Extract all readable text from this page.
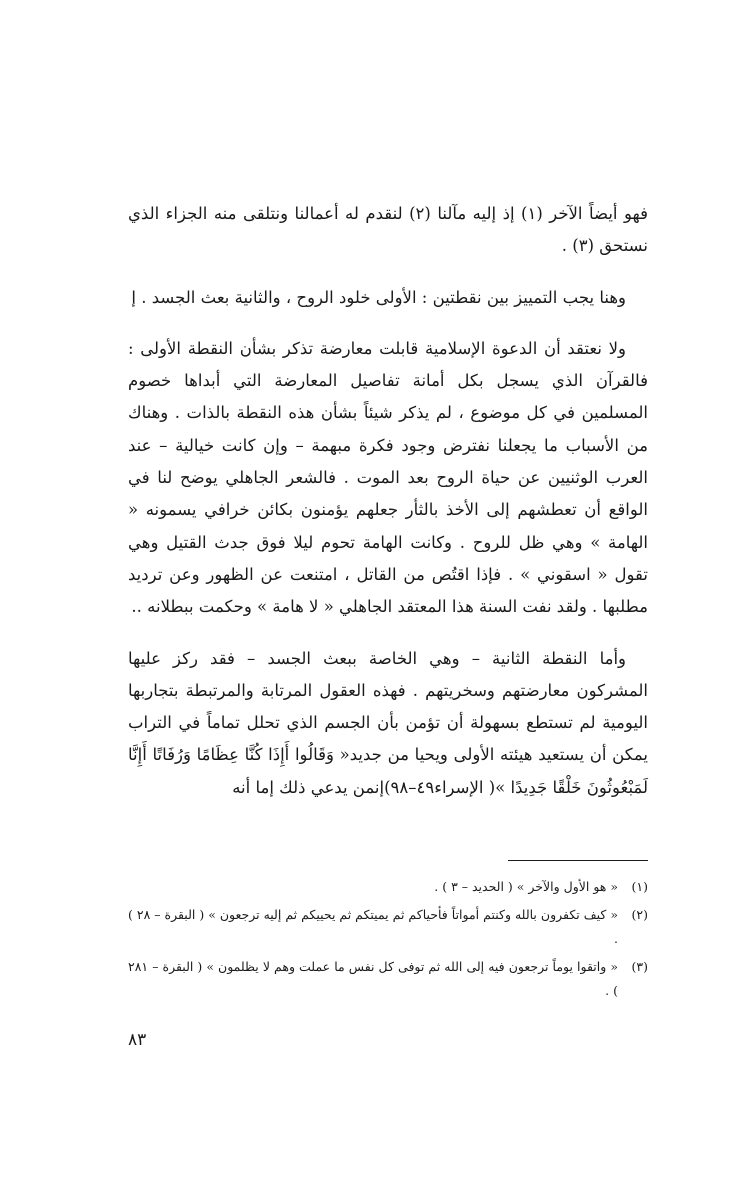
فهو أيضاً الآخر (١) إذ إليه مآلنا (٢) لنقدم له أعمالنا ونتلقى منه الجزاء الذي نستحق (٣) .

وهنا يجب التمييز بين نقطتين : الأولى خلود الروح ، والثانية بعث الجسد . إ

ولا نعتقد أن الدعوة الإسلامية قابلت معارضة تذكر بشأن النقطة الأولى : فالقرآن الذي يسجل بكل أمانة تفاصيل المعارضة التي أبداها خصوم المسلمين في كل موضوع ، لم يذكر شيئاً بشأن هذه النقطة بالذات . وهناك من الأسباب ما يجعلنا نفترض وجود فكرة مبهمة – وإن كانت خيالية – عند العرب الوثنيين عن حياة الروح بعد الموت . فالشعر الجاهلي يوضح لنا في الواقع أن تعطشهم إلى الأخذ بالثأر جعلهم يؤمنون بكائن خرافي يسمونه « الهامة » وهي ظل للروح . وكانت الهامة تحوم ليلا فوق جدث القتيل وهي تقول « اسقوني » . فإذا اقتُص من القاتل ، امتنعت عن الظهور وعن ترديد مطلبها . ولقد نفت السنة هذا المعتقد الجاهلي « لا هامة » وحكمت ببطلانه ..

وأما النقطة الثانية – وهي الخاصة ببعث الجسد – فقد ركز عليها المشركون معارضتهم وسخريتهم . فهذه العقول المرتابة والمرتبطة بتجاربها اليومية لم تستطع بسهولة أن تؤمن بأن الجسم الذي تحلل تماماً في التراب يمكن أن يستعيد هيئته الأولى ويحيا من جديد« وَقَالُوا أَإِذَا كُنَّا عِظَامًا وَرُفَاتًا أَإِنَّا لَمَبْعُوثُونَ خَلْقًا جَدِيدًا »( الإسراء٤٩–٩٨)إنمن يدعي ذلك إما أنه

(١)
« هو الأول والآخر » ( الحديد – ٣ ) .
(٢)
« كيف تكفرون بالله وكنتم أمواتاً فأحياكم ثم يميتكم ثم يحييكم ثم إليه ترجعون » ( البقرة – ٢٨ ) .
(٣)
« واتقوا يوماً ترجعون فيه إلى الله ثم توفى كل نفس ما عملت وهم لا يظلمون » ( البقرة – ٢٨١ ) .
٨٣
